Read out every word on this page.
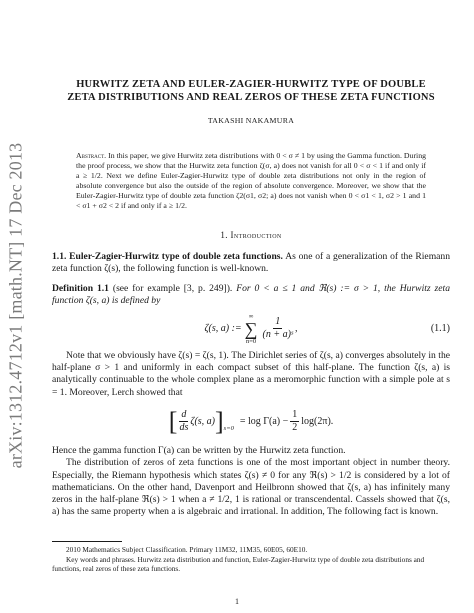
arXiv:1312.4712v1 [math.NT] 17 Dec 2013
HURWITZ ZETA AND EULER-ZAGIER-HURWITZ TYPE OF DOUBLE ZETA DISTRIBUTIONS AND REAL ZEROS OF THESE ZETA FUNCTIONS
TAKASHI NAKAMURA
Abstract. In this paper, we give Hurwitz zeta distributions with 0 < σ ≠ 1 by using the Gamma function. During the proof process, we show that the Hurwitz zeta function ζ(σ, a) does not vanish for all 0 < σ < 1 if and only if a ≥ 1/2. Next we define Euler-Zagier-Hurwitz type of double zeta distributions not only in the region of absolute convergence but also the outside of the region of absolute convergence. Moreover, we show that the Euler-Zagier-Hurwitz type of double zeta function ζ2(σ1, σ2; a) does not vanish when 0 < σ1 < 1, σ2 > 1 and 1 < σ1 + σ2 < 2 if and only if a ≥ 1/2.
1. Introduction

1.1. Euler-Zagier-Hurwitz type of double zeta functions. As one of a generalization of the Riemann zeta function ζ(s), the following function is well-known.

Definition 1.1 (see for example [3, p. 249]). For 0 < a ≤ 1 and ℜ(s) := σ > 1, the Hurwitz zeta function ζ(s, a) is defined by

ζ(s, a) :=
∞
∑
$n=0 \frac{1}{\text{(n + a)ˢ}}$ ,	(1.1)

Note that we obviously have ζ(s) = ζ(s, 1). The Dirichlet series of ζ(s, a) converges absolutely in the half-plane σ > 1 and uniformly in each compact subset of this half-plane. The function ζ(s, a) is analytically continuable to the whole complex plane as a meromorphic function with a simple pole at s = 1. Moreover, Lerch showed that

[ $\frac{d}{ds} \zeta(s$, a) ] s=0
= $\log \Gamma(a) - \frac{1}{2} \log(2\pi)$.

Hence the gamma function Γ(a) can be written by the Hurwitz zeta function.

The distribution of zeros of zeta functions is one of the most important object in number theory. Especially, the Riemann hypothesis which states ζ(s) ≠ 0 for any ℜ(s) > 1/2 is considered by a lot of mathematicians. On the other hand, Davenport and Heilbronn showed that ζ(s, a) has infinitely many zeros in the half-plane ℜ(s) > 1 when a ≠ 1/2, 1 is rational or transcendental. Cassels showed that ζ(s, a) has the same property when a is algebraic and irrational. In addition, The following fact is known.

2010 Mathematics Subject Classification. Primary 11M32, 11M35, 60E05, 60E10.
Key words and phrases. Hurwitz zeta distribution and function, Euler-Zagier-Hurwitz type of double zeta distributions and functions, real zeros of these zeta functions.
1
